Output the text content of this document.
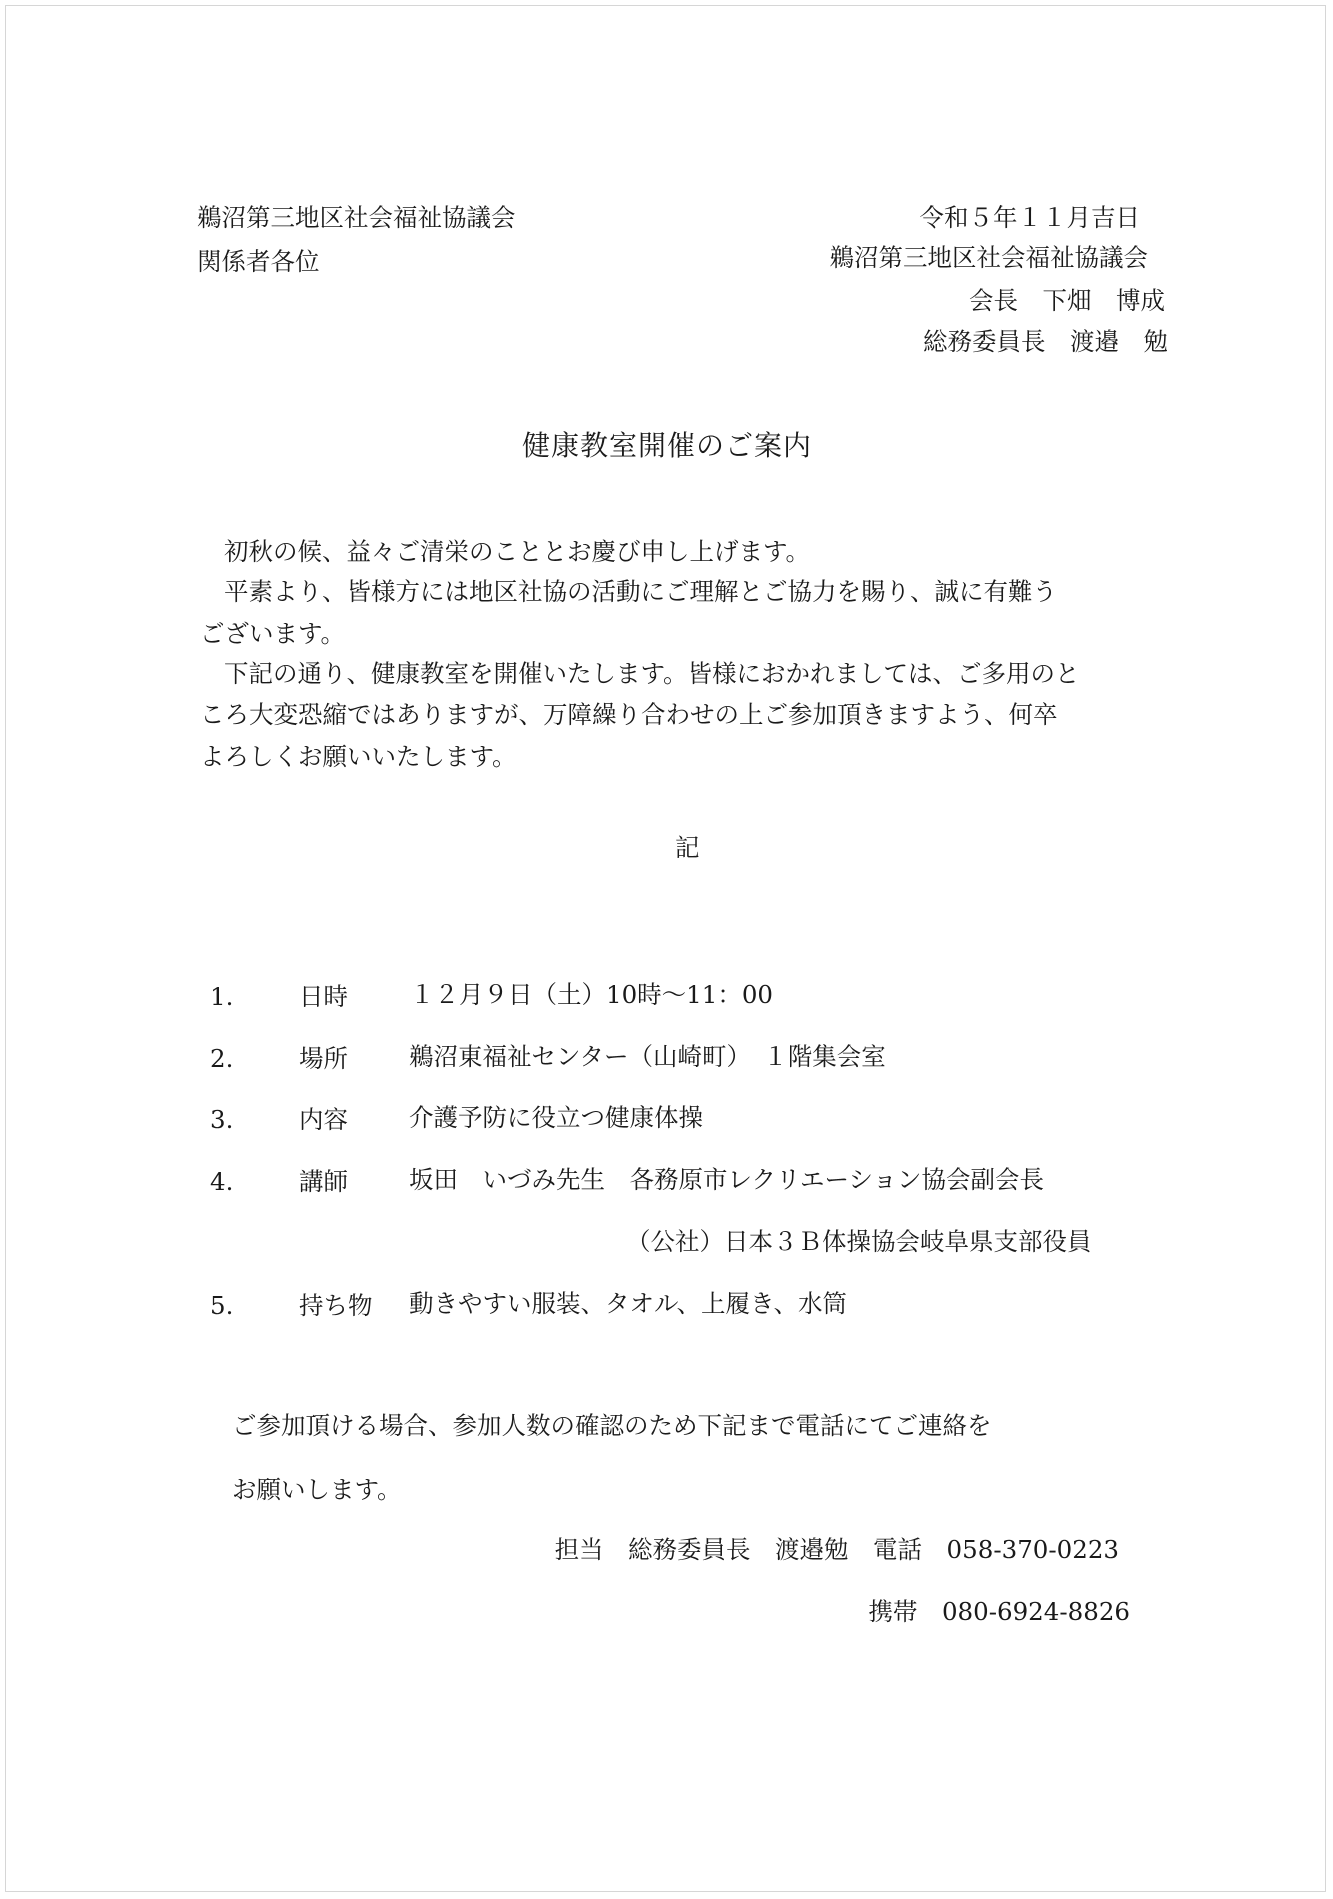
鵜沼第三地区社会福祉協議会
関係者各位
令和５年１１月吉日
鵜沼第三地区社会福祉協議会
会長　下畑　博成
総務委員長　渡邉　勉
健康教室開催のご案内
初秋の候、益々ご清栄のこととお慶び申し上げます。
平素より、皆様方には地区社協の活動にご理解とご協力を賜り、誠に有難う
ございます。
下記の通り、健康教室を開催いたします。皆様におかれましては、ご多用のと
ころ大変恐縮ではありますが、万障繰り合わせの上ご参加頂きますよう、何卒
よろしくお願いいたします。
記
1.	日時	１２月９日（土）10時～11：00
2.	場所 鵜沼東福祉センター（山崎町）　１階集会室
3.	内容 介護予防に役立つ健康体操
4.	講師 坂田　いづみ先生　各務原市レクリエーション協会副会長
（公社）日本３Ｂ体操協会岐阜県支部役員
5.	持ち物 動きやすい服装、タオル、上履き、水筒
ご参加頂ける場合、参加人数の確認のため下記まで電話にてご連絡を
お願いします。
担当　総務委員長　渡邉勉　電話　058-370-0223
携帯　080-6924-8826
